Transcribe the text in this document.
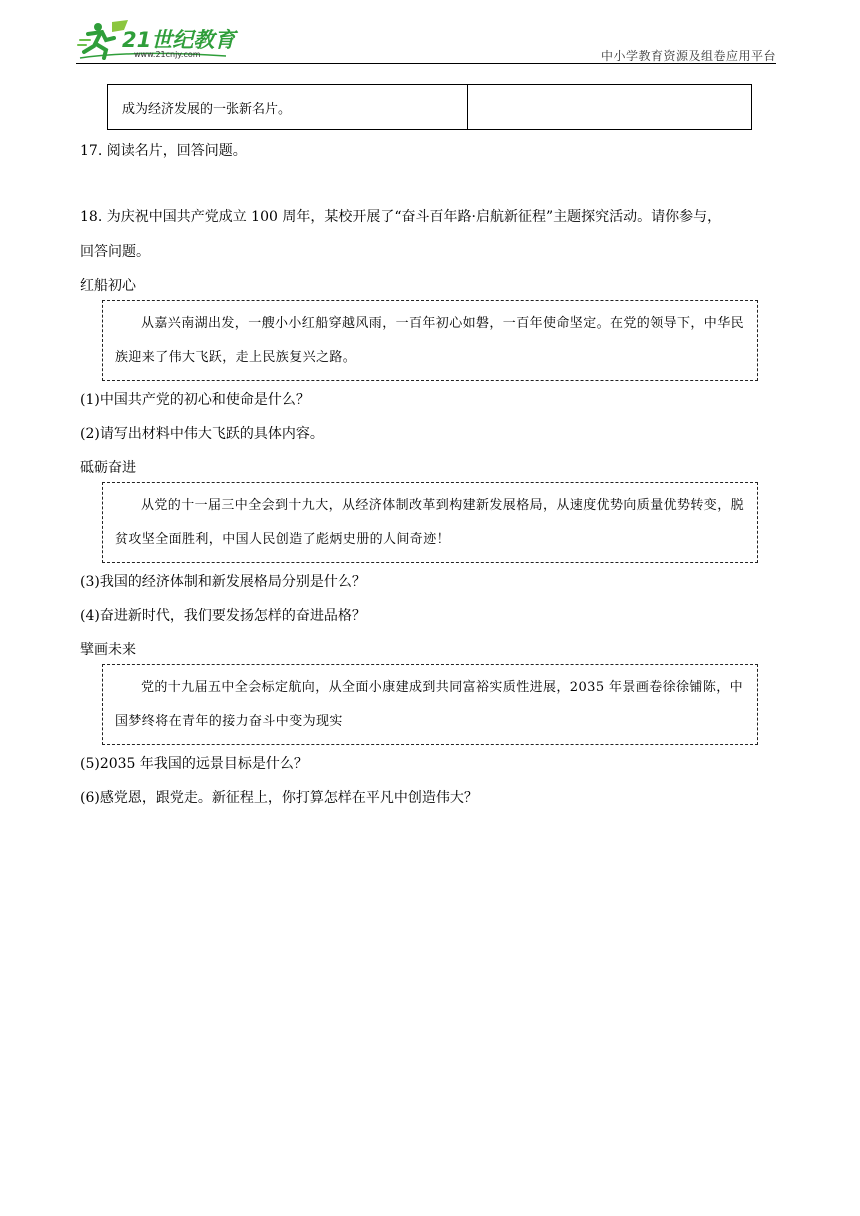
21世纪教育
www.21cnjy.com	中小学教育资源及组卷应用平台
成为经济发展的一张新名片。	
17. 阅读名片，回答问题。
18. 为庆祝中国共产党成立 100 周年，某校开展了“奋斗百年路·启航新征程”主题探究活动。请你参与，
回答问题。
红船初心
从嘉兴南湖出发，一艘小小红船穿越风雨，一百年初心如磐，一百年使命坚定。在党的领导下，中华民族迎来了伟大飞跃，走上民族复兴之路。
(1)中国共产党的初心和使命是什么？
(2)请写出材料中伟大飞跃的具体内容。
砥砺奋进
从党的十一届三中全会到十九大，从经济体制改革到构建新发展格局，从速度优势向质量优势转变，脱贫攻坚全面胜利，中国人民创造了彪炳史册的人间奇迹！
(3)我国的经济体制和新发展格局分别是什么？
(4)奋进新时代，我们要发扬怎样的奋进品格？
擘画未来
党的十九届五中全会标定航向，从全面小康建成到共同富裕实质性进展，2035 年景画卷徐徐铺陈，中国梦终将在青年的接力奋斗中变为现实
(5)2035 年我国的远景目标是什么？
(6)感党恩，跟党走。新征程上，你打算怎样在平凡中创造伟大？
